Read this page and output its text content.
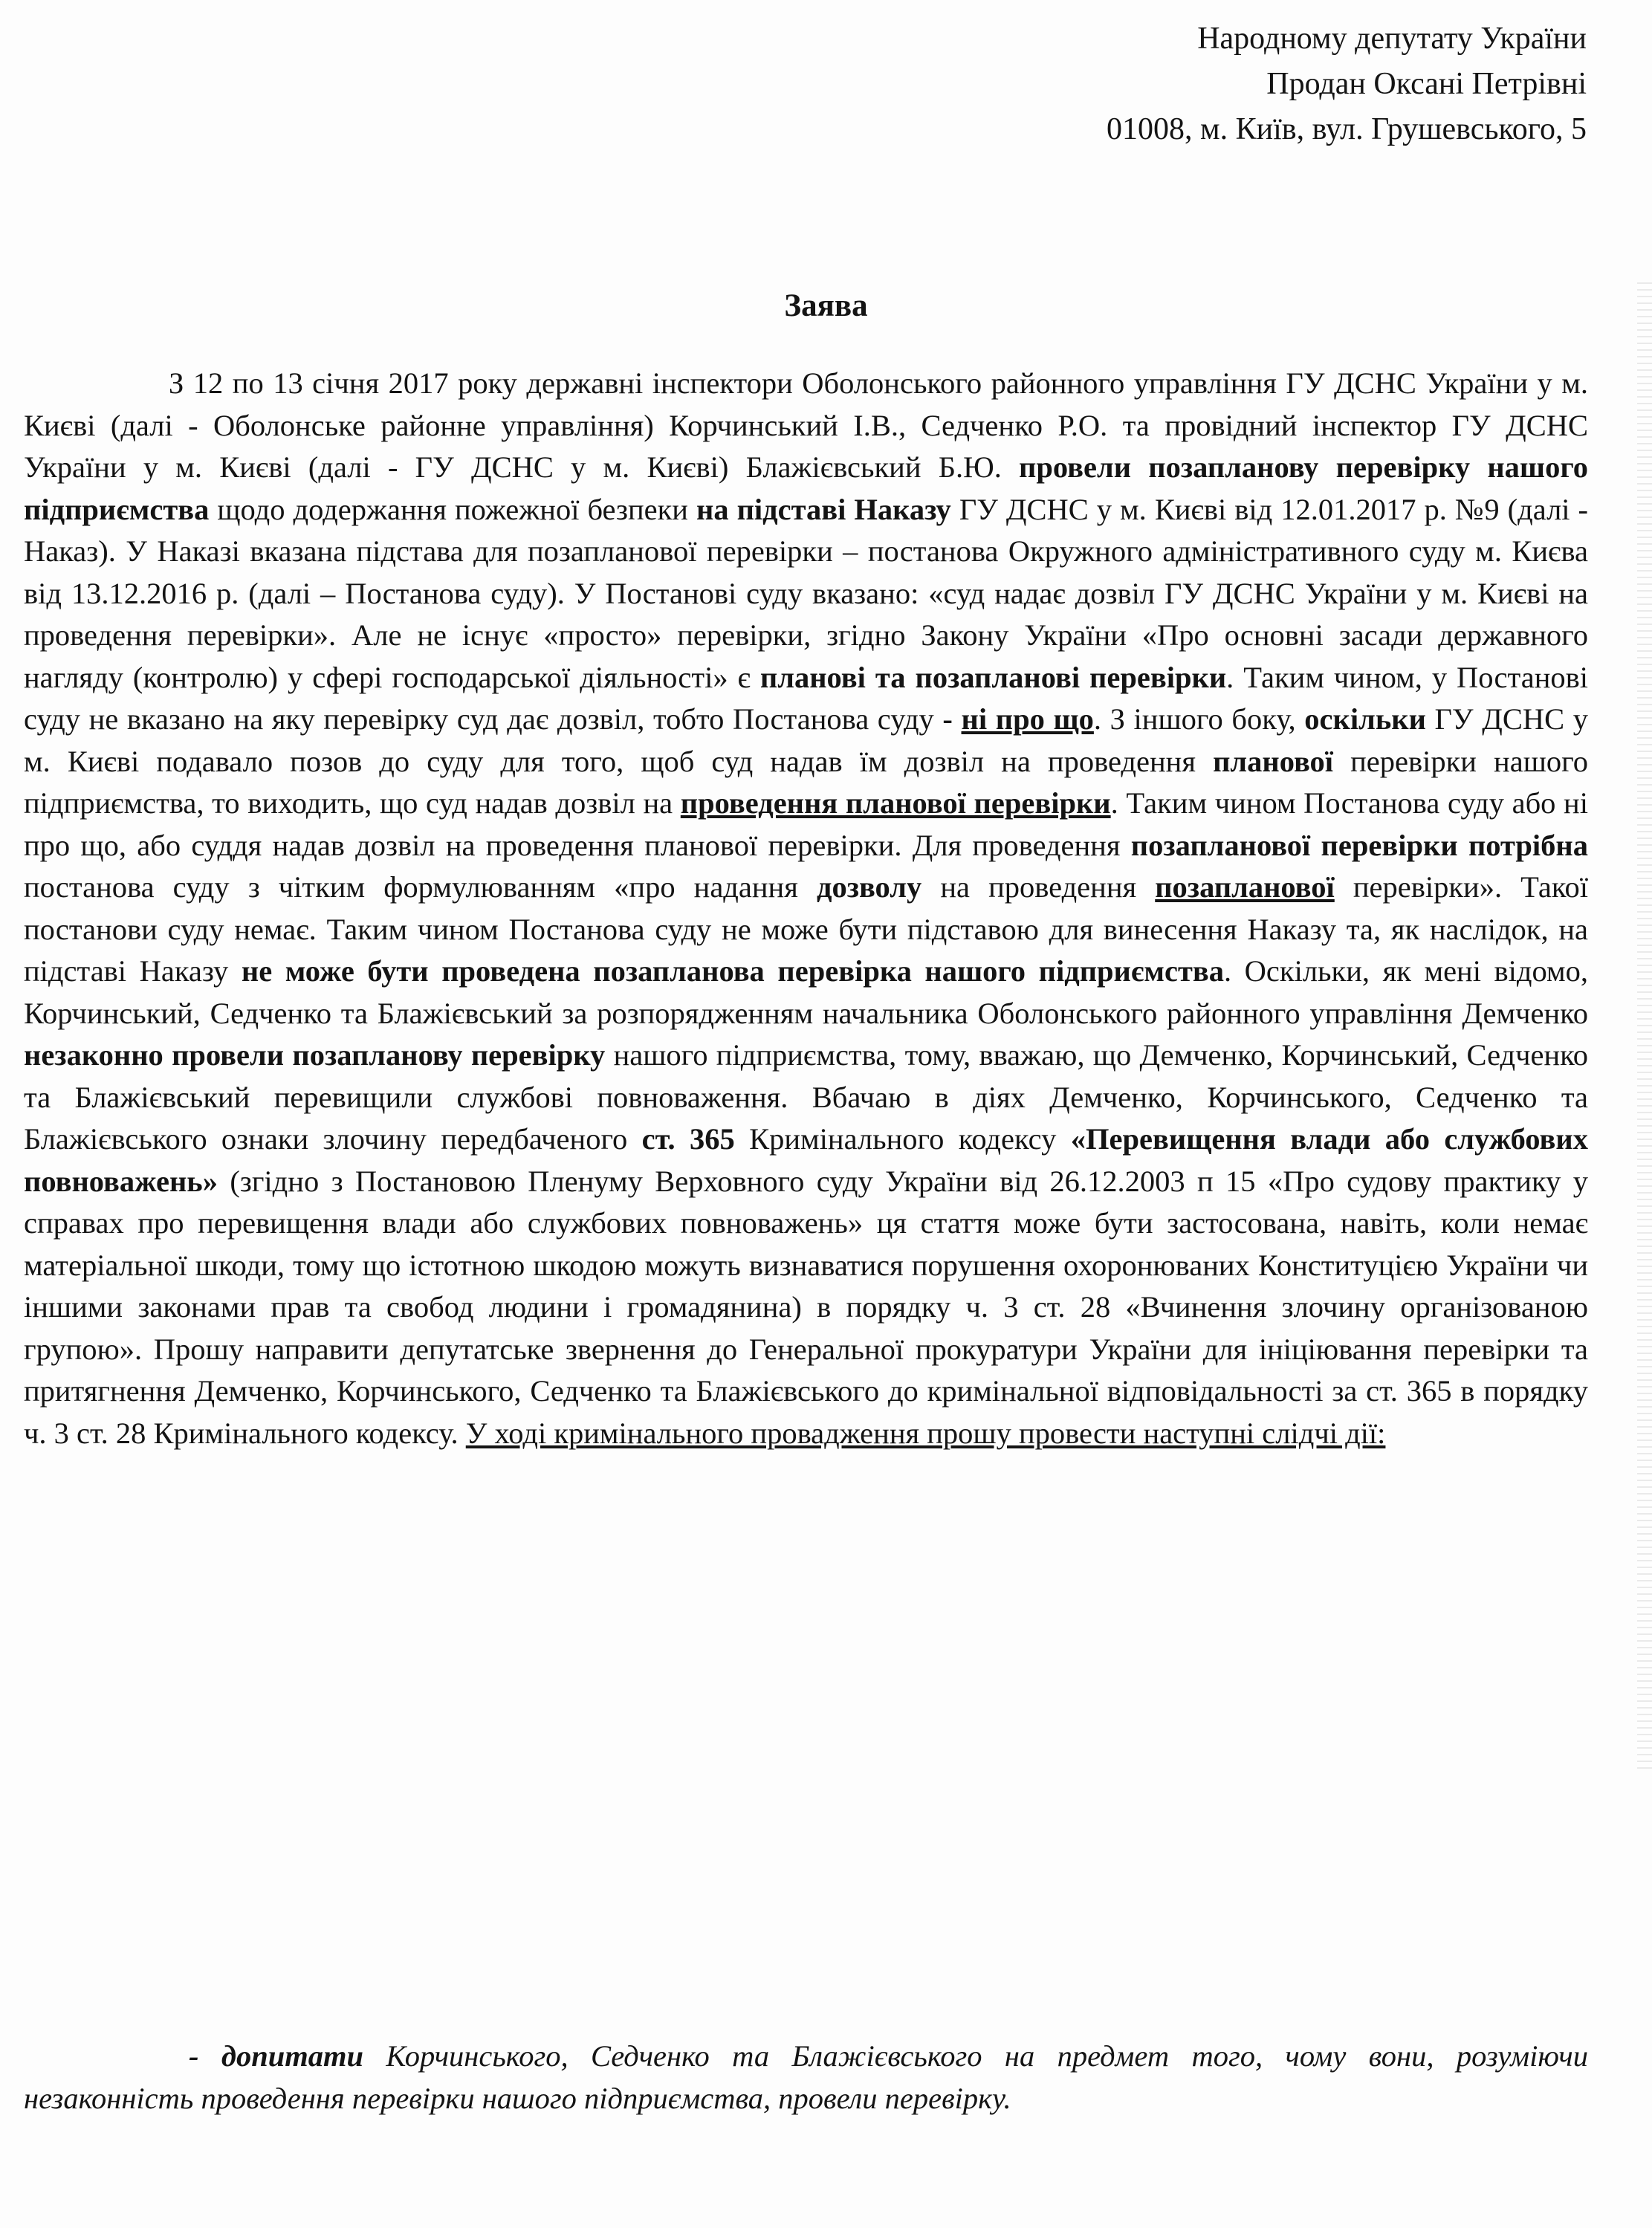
Народному депутату України
Продан Оксані Петрівні
01008, м. Київ, вул. Грушевського, 5
Заява

З 12 по 13 січня 2017 року державні інспектори Оболонського районного управління ГУ ДСНС України у м. Києві (далі - Оболонське районне управління) Корчинський І.В., Седченко Р.О. та провідний інспектор ГУ ДСНС України у м. Києві (далі - ГУ ДСНС у м. Києві) Блажієвський Б.Ю. провели позапланову перевірку нашого підприємства щодо додержання пожежної безпеки на підставі Наказу ГУ ДСНС у м. Києві від 12.01.2017 р. №9 (далі - Наказ). У Наказі вказана підстава для позапланової перевірки – постанова Окружного адміністративного суду м. Києва від 13.12.2016 р. (далі – Постанова суду). У Постанові суду вказано: «суд надає дозвіл ГУ ДСНС України у м. Києві на проведення перевірки». Але не існує «просто» перевірки, згідно Закону України «Про основні засади державного нагляду (контролю) у сфері господарської діяльності» є планові та позапланові перевірки. Таким чином, у Постанові суду не вказано на яку перевірку суд дає дозвіл, тобто Постанова суду - ні про що. З іншого боку, оскільки ГУ ДСНС у м. Києві подавало позов до суду для того, щоб суд надав їм дозвіл на проведення планової перевірки нашого підприємства, то виходить, що суд надав дозвіл на проведення планової перевірки. Таким чином Постанова суду або ні про що, або суддя надав дозвіл на проведення планової перевірки. Для проведення позапланової перевірки потрібна постанова суду з чітким формулюванням «про надання дозволу на проведення позапланової перевірки». Такої постанови суду немає. Таким чином Постанова суду не може бути підставою для винесення Наказу та, як наслідок, на підставі Наказу не може бути проведена позапланова перевірка нашого підприємства. Оскільки, як мені відомо, Корчинський, Седченко та Блажієвський за розпорядженням начальника Оболонського районного управління Демченко незаконно провели позапланову перевірку нашого підприємства, тому, вважаю, що Демченко, Корчинський, Седченко та Блажієвський перевищили службові повноваження. Вбачаю в діях Демченко, Корчинського, Седченко та Блажієвського ознаки злочину передбаченого ст. 365 Кримінального кодексу «Перевищення влади або службових повноважень» (згідно з Постановою Пленуму Верховного суду України від 26.12.2003 п 15 «Про судову практику у справах про перевищення влади або службових повноважень» ця стаття може бути застосована, навіть, коли немає матеріальної шкоди, тому що істотною шкодою можуть визнаватися порушення охоронюваних Конституцією України чи іншими законами прав та свобод людини і громадянина) в порядку ч. 3 ст. 28 «Вчинення злочину організованою групою». Прошу направити депутатське звернення до Генеральної прокуратури України для ініціювання перевірки та притягнення Демченко, Корчинського, Седченко та Блажієвського до кримінальної відповідальності за ст. 365 в порядку ч. 3 ст. 28 Кримінального кодексу. У ході кримінального провадження прошу провести наступні слідчі дії:

- допитати Корчинського, Седченко та Блажієвського на предмет того, чому вони, розуміючи незаконність проведення перевірки нашого підприємства, провели перевірку.
